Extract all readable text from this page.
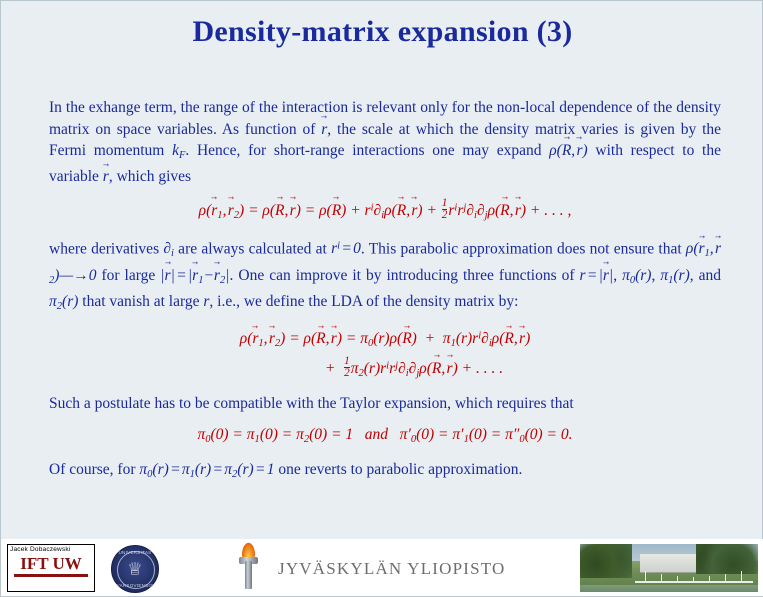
Density-matrix expansion (3)

In the exhange term, the range of the interaction is relevant only for the non-local dependence of the density matrix on space variables. As function of → r, the scale at which the density matrix varies is given by the Fermi momentum $k_F$. Hence, for short-range interactions one may expand ρ(→ R, → r) with respect to the variable → r, which gives

$\rho(\to r_1$, → $r_2) = \rho(\to R$, → $r) = \rho(\to R) + r^i\partial_i\rho(\to R$, → $r) + \frac{1}{2} r^ir^j\partial_i\partial_j\rho(\to R$, → r) + . . . ,

where derivatives $\partial_i$ are always calculated at $r^i$ = 0. This parabolic approximation does not ensure that $\rho(\to r_1$, → $r_2)—\to 0$ for large |→ r| = |→ $r_1-\to r_2|$. One can improve it by introducing three functions of r = |→ r|, $\pi_0(r)$, $\pi_1(r)$, and $\pi_2(r)$ that vanish at large r, i.e., we define the LDA of the density matrix by:

$\rho(\to r_1$, → $r_2) = \rho(\to R$, → $r) = \pi_0(r)\rho(\to R) + \pi_1(r)r^i\partial_i\rho(\to R$, → r)
+ $\frac{1}{2} \pi_2(r)r^ir^j\partial_i\partial_j\rho(\to R$, → r) + . . . .

Such a postulate has to be compatible with the Taylor expansion, which requires that

$\pi_0(0) = \pi_1(0) = \pi_2(0) = 1$   and   $\pi'_0(0) = \pi'_1(0) = \pi''_0(0) = 0$.

Of course, for $\pi_0(r)$ = $\pi_1(r)$ = $\pi_2(r)$ = 1 one reverts to parabolic approximation.

Jacek Dobaczewski
IFT UW
UNIVERSITAS
♕
VARSOVIENSIS
JYVÄSKYLÄN YLIOPISTO
